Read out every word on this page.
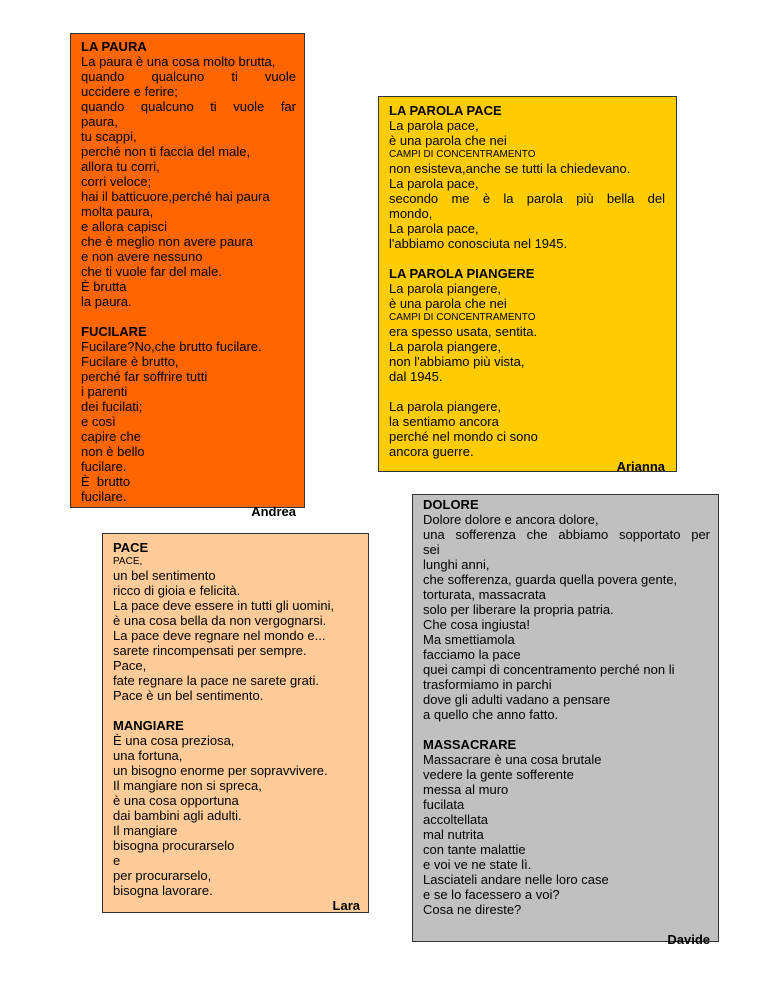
LA PAURA
La paura è una cosa molto brutta,
quando qualcuno ti vuole
uccidere e ferire;
quando qualcuno ti vuole far
paura,
tu scappi,
perché non ti faccia del male,
allora tu corri,
corri veloce;
hai il batticuore,perché hai paura
molta paura,
e allora capisci
che è meglio non avere paura
e non avere nessuno
che ti vuole far del male.
È brutta
la paura.
FUCILARE
Fucilare?No,che brutto fucilare.
Fucilare è brutto,
perché far soffrire tutti
i parenti
dei fucilati;
e così
capire che
non è bello
fucilare.
È  brutto
fucilare.
Andrea
LA PAROLA PACE
La parola pace,
è una parola che nei
CAMPI DI CONCENTRAMENTO
non esisteva,anche se tutti la chiedevano.
La parola pace,
secondo me è la parola più bella del
mondo,
La parola pace,
l'abbiamo conosciuta nel 1945.
LA PAROLA PIANGERE
La parola piangere,
è una parola che nei
CAMPI DI CONCENTRAMENTO
era spesso usata, sentita.
La parola piangere,
non l'abbiamo più vista,
dal 1945.
La parola piangere,
la sentiamo ancora
perché nel mondo ci sono
ancora guerre.
Arianna
PACE
PACE,
un bel sentimento
ricco di gioia e felicità.
La pace deve essere in tutti gli uomini,
è una cosa bella da non vergognarsi.
La pace deve regnare nel mondo e...
sarete rincompensati per sempre.
Pace,
fate regnare la pace ne sarete grati.
Pace è un bel sentimento.
MANGIARE
È una cosa preziosa,
una fortuna,
un bisogno enorme per sopravvivere.
Il mangiare non si spreca,
è una cosa opportuna
dai bambini agli adulti.
Il mangiare
bisogna procurarselo
e
per procurarselo,
bisogna lavorare.
Lara
DOLORE
Dolore dolore e ancora dolore,
una sofferenza che abbiamo sopportato per
sei
lunghi anni,
che sofferenza, guarda quella povera gente,
torturata, massacrata
solo per liberare la propria patria.
Che cosa ingiusta!
Ma smettiamola
facciamo la pace
quei campi di concentramento perché non li
trasformiamo in parchi
dove gli adulti vadano a pensare
a quello che anno fatto.
MASSACRARE
Massacrare è una cosa brutale
vedere la gente sofferente
messa al muro
fucilata
accoltellata
mal nutrita
con tante malattie
e voi ve ne state lì.
Lasciateli andare nelle loro case
e se lo facessero a voi?
Cosa ne direste?
Davide
